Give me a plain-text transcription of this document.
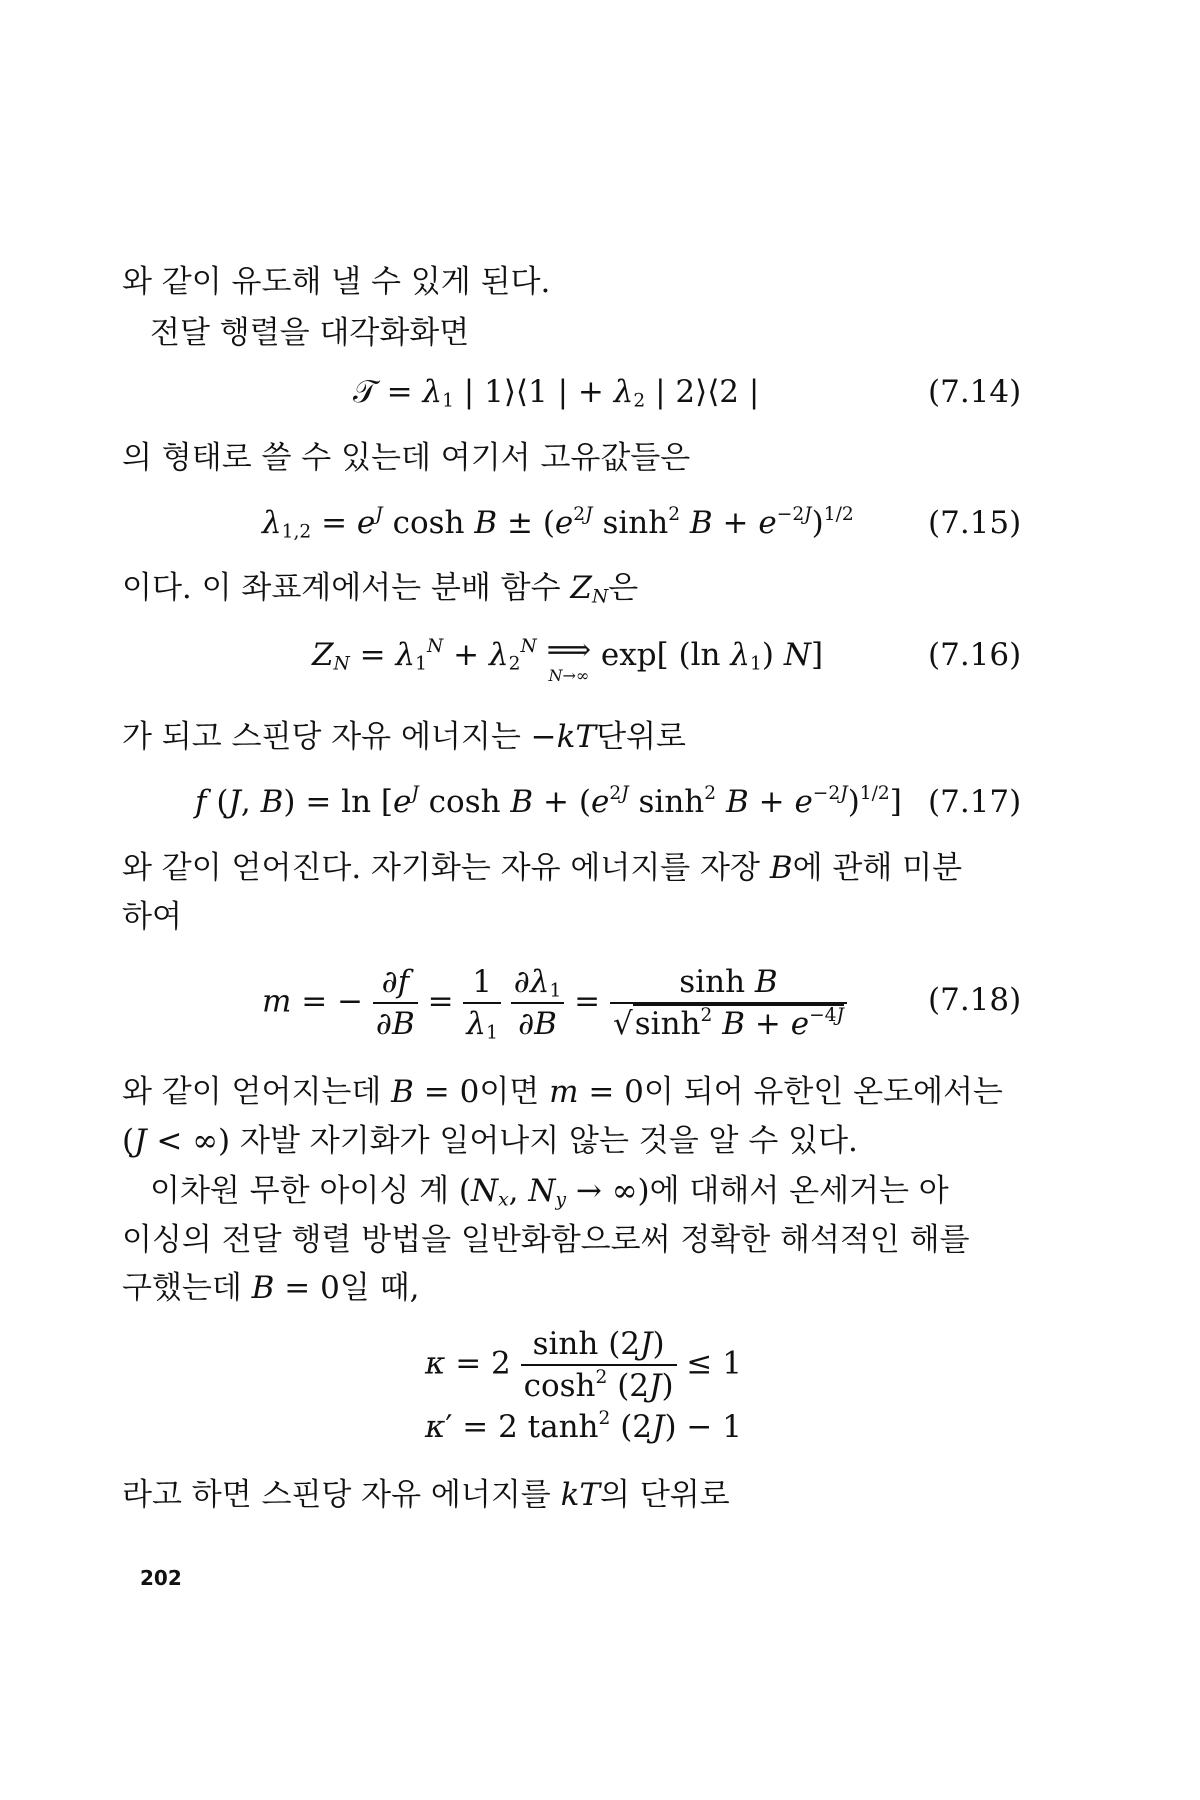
와 같이 유도해 낼 수 있게 된다.
전달 행렬을 대각화화면
𝒯 = $\lambda_1$ | 1⟩⟨1 | + $\lambda_2$ | 2⟩⟨2 |	(7.14)
의 형태로 쓸 수 있는데 여기서 고유값들은
$\lambda_{1,2} = e^J$ $\cosh B \pm (e^{2J}$ $\sinh^2 B + e^{-2J})^{1/2}$ (7.15)
이다. 이 좌표계에서는 분배 함수 $Z_N$은
$Z_N = \lambda_1^N + \lambda_2^N$ ⟹
N→∞
exp[ (ln $\lambda_1$) N]	(7.16)
가 되고 스핀당 자유 에너지는 −kT단위로
f (J, $B) = \ln [e^J$ $\cosh B + (e^{2J}$ $\sinh^2 B + e^{-2J})^{1/2}$] (7.17)
와 같이 얻어진다. 자기화는 자유 에너지를 자장 B에 관해 미분
하여
m = − $\frac{\partial f}{\partial B} = \frac{1}{\lambda_1}$
$\frac{\partial\lambda_1}{\partial B} = \frac{\text{sinh B}}{√\sinh^2 B + e^{-4J}}$	(7.18)
와 같이 얻어지는데 B = 0이면 m = 0이 되어 유한인 온도에서는
(J < ∞) 자발 자기화가 일어나지 않는 것을 알 수 있다.
이차원 무한 아이싱 계 ($N_x$, $N_y$ → ∞)에 대해서 온세거는 아
이싱의 전달 행렬 방법을 일반화함으로써 정확한 해석적인 해를
구했는데 B = 0일 때,
$\kappa = 2 \frac{\sinh (2J)}{\cosh^2 (2J)} \le 1$
κ′ = 2 $\tanh^2 (2J) - 1$
라고 하면 스핀당 자유 에너지를 kT의 단위로
202
